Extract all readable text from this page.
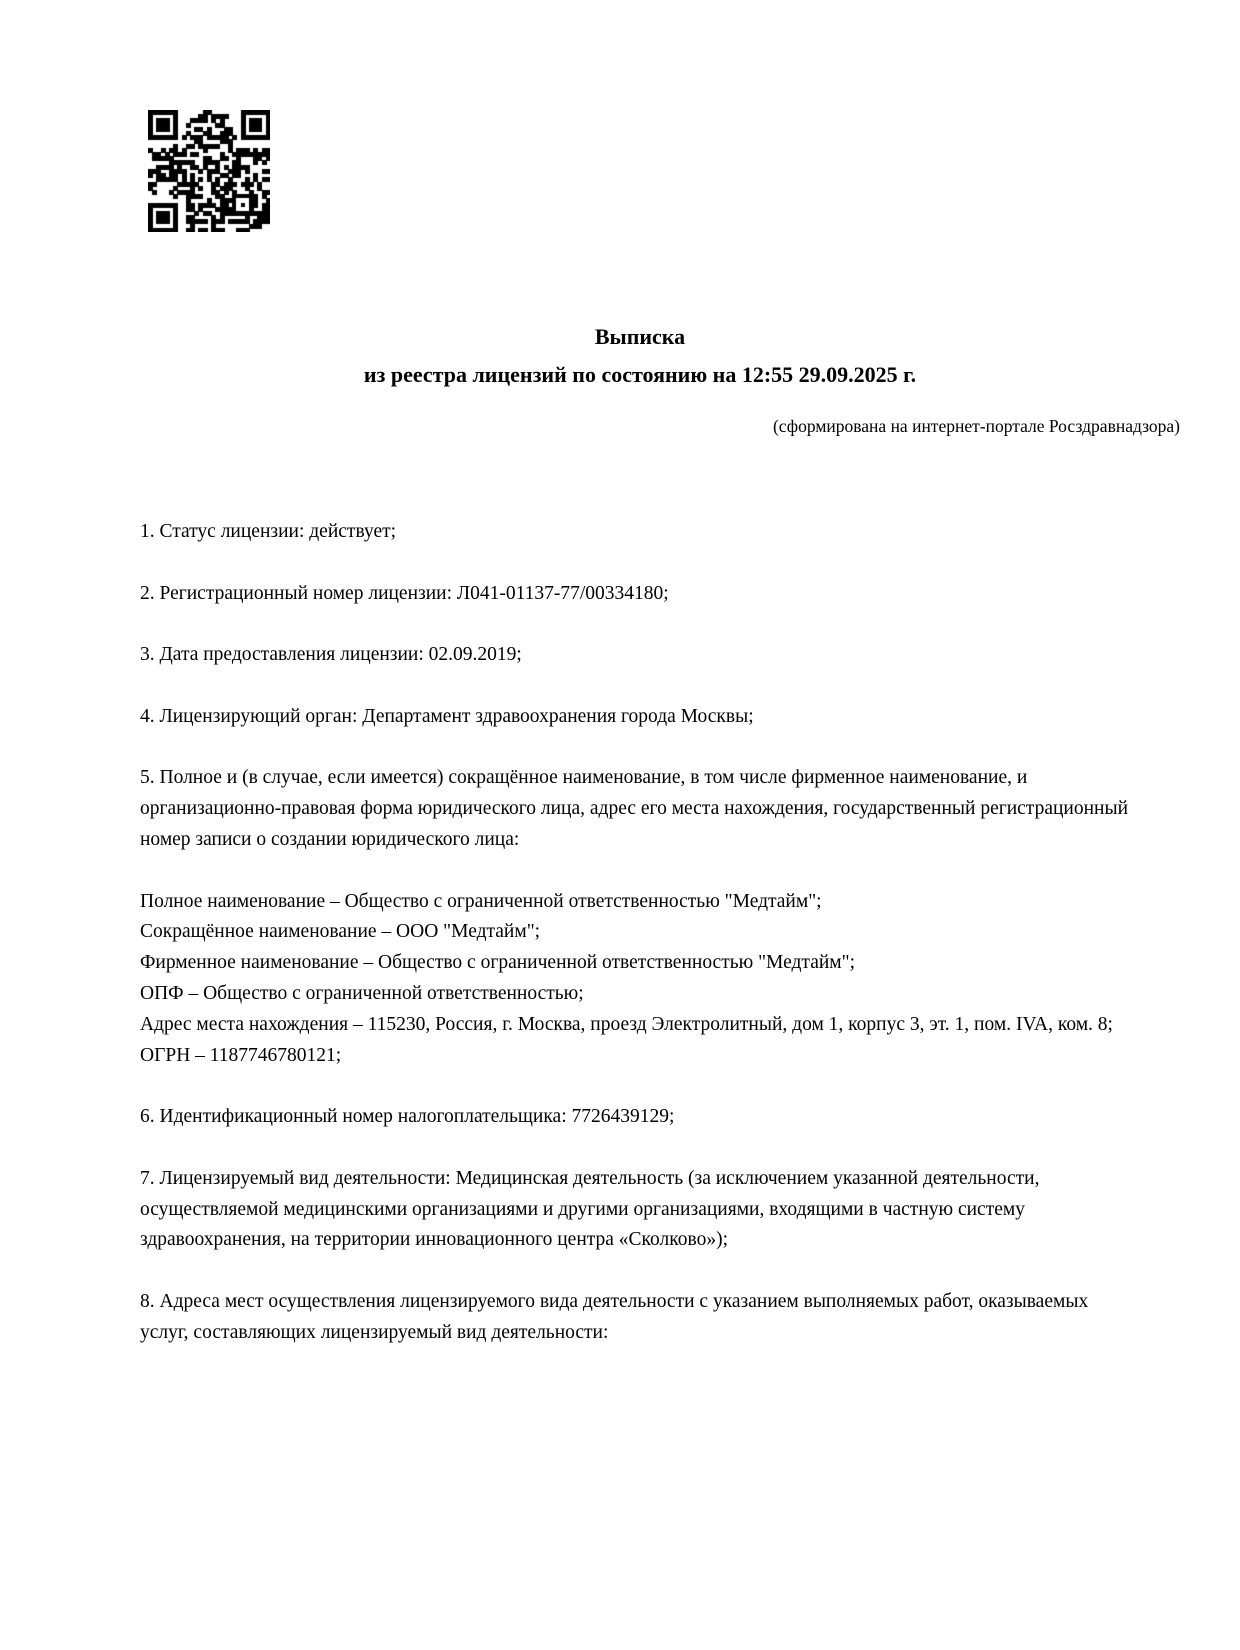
Выписка
из реестра лицензий по состоянию на 12:55 29.09.2025 г.
(сформирована на интернет-портале Росздравнадзора)
1. Статус лицензии: действует;
2. Регистрационный номер лицензии: Л041-01137-77/00334180;
3. Дата предоставления лицензии: 02.09.2019;
4. Лицензирующий орган: Департамент здравоохранения города Москвы;
5. Полное и (в случае, если имеется) сокращённое наименование, в том числе фирменное наименование, и организационно-правовая форма юридического лица, адрес его места нахождения, государственный регистрационный номер записи о создании юридического лица:
Полное наименование – Общество с ограниченной ответственностью "Медтайм";
Сокращённое наименование – ООО "Медтайм";
Фирменное наименование – Общество с ограниченной ответственностью "Медтайм";
ОПФ – Общество с ограниченной ответственностью;
Адрес места нахождения – 115230, Россия, г. Москва, проезд Электролитный, дом 1, корпус 3, эт. 1, пом. IVA, ком. 8;
ОГРН – 1187746780121;
6. Идентификационный номер налогоплательщика: 7726439129;
7. Лицензируемый вид деятельности: Медицинская деятельность (за исключением указанной деятельности, осуществляемой медицинскими организациями и другими организациями, входящими в частную систему здравоохранения, на территории инновационного центра «Сколково»);
8. Адреса мест осуществления лицензируемого вида деятельности с указанием выполняемых работ, оказываемых услуг, составляющих лицензируемый вид деятельности:
